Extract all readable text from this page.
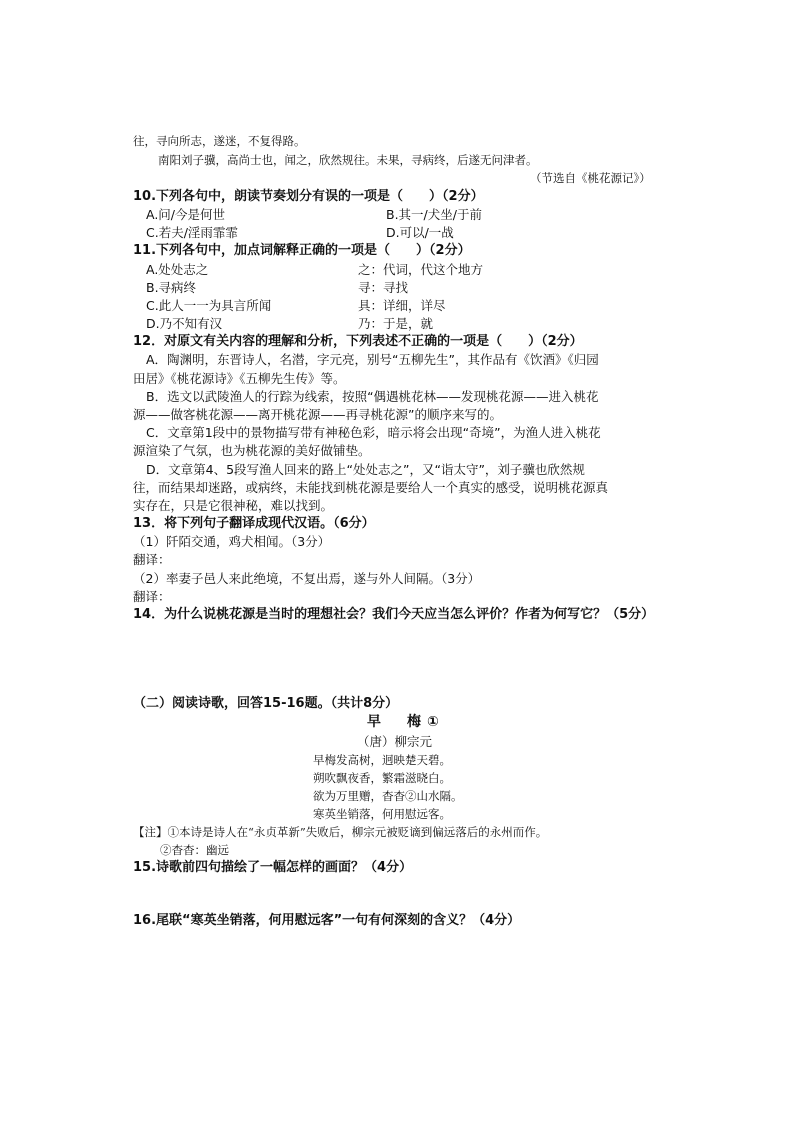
往，寻向所志，遂迷，不复得路。
南阳刘子骥，高尚士也，闻之，欣然规往。未果，寻病终，后遂无问津者。
（节选自《桃花源记》）
10.下列各句中，朗读节奏划分有误的一项是（　　）（2分）
A.问/今是何世	B.其一/犬坐/于前
C.若夫/淫雨霏霏	D.可以/一战
11.下列各句中，加点词解释正确的一项是（　　）（2分）
A.处处志之	之：代词，代这个地方
B.寻病终	寻：寻找
C.此人一一为具言所闻	具：详细，详尽
D.乃不知有汉	乃：于是，就
12．对原文有关内容的理解和分析，下列表述不正确的一项是（　　）（2分）
A．陶渊明，东晋诗人，名潜，字元亮，别号“五柳先生”，其作品有《饮酒》《归园
田居》《桃花源诗》《五柳先生传》等。
B．选文以武陵渔人的行踪为线索，按照“偶遇桃花林——发现桃花源——进入桃花
源——做客桃花源——离开桃花源——再寻桃花源”的顺序来写的。
C．文章第1段中的景物描写带有神秘色彩，暗示将会出现“奇境”，为渔人进入桃花
源渲染了气氛，也为桃花源的美好做铺垫。
D．文章第4、5段写渔人回来的路上“处处志之”，又“诣太守”，刘子骥也欣然规
往，而结果却迷路，或病终，未能找到桃花源是要给人一个真实的感受，说明桃花源真
实存在，只是它很神秘，难以找到。
13．将下列句子翻译成现代汉语。（6分）
（1）阡陌交通，鸡犬相闻。（3分）
翻译：
（2）率妻子邑人来此绝境，不复出焉，遂与外人间隔。（3分）
翻译：
14．为什么说桃花源是当时的理想社会？我们今天应当怎么评价？作者为何写它？（5分）
（二）阅读诗歌，回答15-16题。（共计8分）
早　梅①
（唐）柳宗元
早梅发高树，迥映楚天碧。
朔吹飘夜香，繁霜滋晓白。
欲为万里赠，杳杳②山水隔。
寒英坐销落，何用慰远客。
【注】①本诗是诗人在“永贞革新”失败后，柳宗元被贬谪到偏远落后的永州而作。
②杳杳：幽远
15.诗歌前四句描绘了一幅怎样的画面？（4分）
16.尾联“寒英坐销落，何用慰远客”一句有何深刻的含义？（4分）
